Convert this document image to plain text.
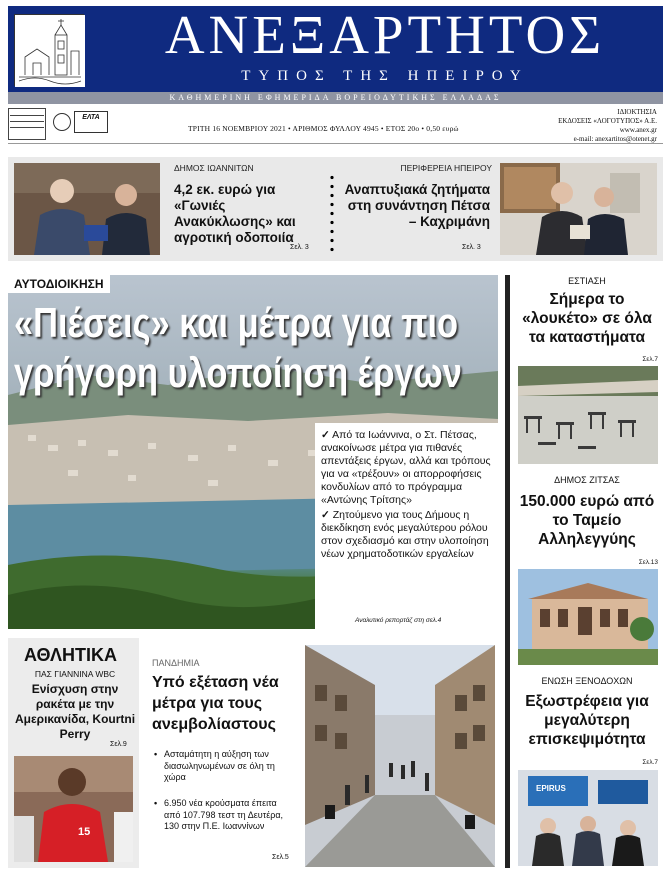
ΑΝΕΞΑΡΤΗΤΟΣ
ΤΥΠΟΣ ΤΗΣ ΗΠΕΙΡΟΥ
ΚΑΘΗΜΕΡΙΝΗ ΕΦΗΜΕΡΙΔΑ ΒΟΡΕΙΟΔΥΤΙΚΗΣ ΕΛΛΑΔΑΣ
ΕΛΤΑ
ΤΡΙΤΗ 16 ΝΟΕΜΒΡΙΟΥ 2021 • ΑΡΙΘΜΟΣ ΦΥΛΛΟΥ 4945 • ΕΤΟΣ 20ο • 0,50 ευρώ
ΙΔΙΟΚΤΗΣΙΑ
ΕΚΔΟΣΕΙΣ «ΛΟΓΟΤΥΠΟΣ» Α.Ε.
www.anex.gr
e-mail: anexartitos@otenet.gr
ΔΗΜΟΣ ΙΩΑΝΝΙΤΩΝ
4,2 εκ. ευρώ για «Γωνιές Ανακύκλωσης» και αγροτική οδοποιία
Σελ. 3
ΠΕΡΙΦΕΡΕΙΑ ΗΠΕΙΡΟΥ
Αναπτυξιακά ζητήματα στη συνάντηση Πέτσα – Καχριμάνη
Σελ. 3
ΑΥΤΟΔΙΟΙΚΗΣΗ
«Πιέσεις» και μέτρα για πιο
γρήγορη υλοποίηση έργων
✓ Από τα Ιωάννινα, ο Στ. Πέτσας, ανακοίνωσε μέτρα για πιθανές απεντάξεις έργων, αλλά και τρόπους για να «τρέξουν» οι απορροφήσεις κονδυλίων από το πρόγραμμα «Αντώνης Τρίτσης»
✓ Ζητούμενο για τους Δήμους η διεκδίκηση ενός μεγαλύτερου ρόλου στον σχεδιασμό και στην υλοποίηση νέων χρηματοδοτικών εργαλείων
Αναλυτικό ρεπορτάζ στη σελ.4
ΕΣΤΙΑΣΗ
Σήμερα το «λουκέτο» σε όλα τα καταστήματα
Σελ.7
ΔΗΜΟΣ ΖΙΤΣΑΣ
150.000 ευρώ από το Ταμείο Αλληλεγγύης
Σελ.13
ΕΝΩΣΗ ΞΕΝΟΔΟΧΩΝ
Εξωστρέφεια για μεγαλύτερη επισκεψιμότητα
Σελ.7
EPIRUS
ΑΘΛΗΤΙΚΑ
ΠΑΣ ΓΙΑΝΝΙΝΑ WBC
Ενίσχυση στην ρακέτα με την Αμερικανίδα, Kourtni Perry
Σελ.9
15
ΠΑΝΔΗΜΙΑ
Υπό εξέταση νέα μέτρα για τους ανεμβολίαστους
• Ασταμάτητη η αύξηση των διασωληνωμένων σε όλη τη χώρα
• 6.950 νέα κρούσματα έπειτα από 107.798 τεστ τη Δευτέρα, 130 στην Π.Ε. Ιωαννίνων
Σελ.5
